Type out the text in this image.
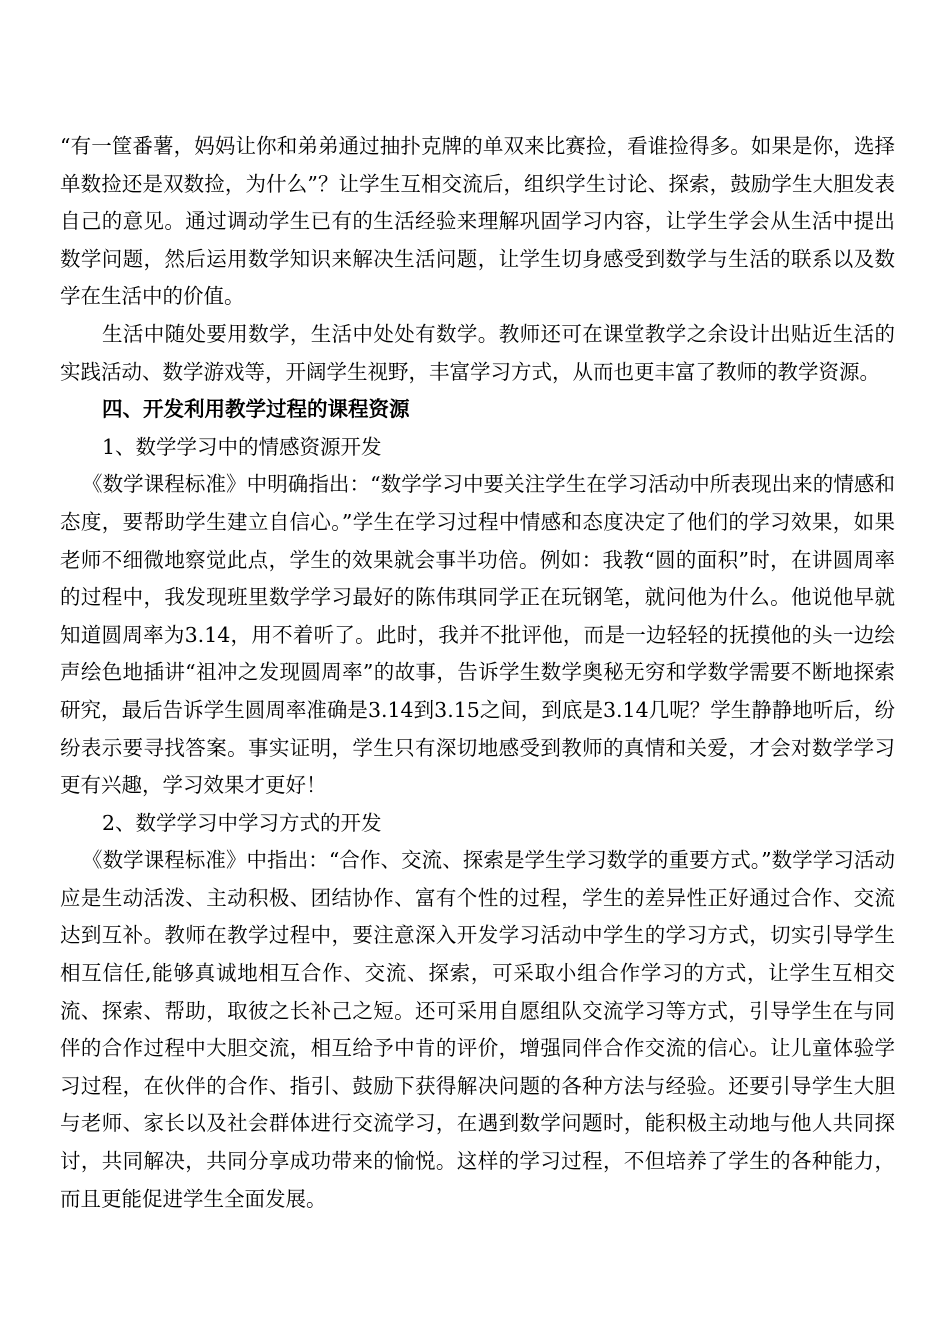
“有一筐番薯，妈妈让你和弟弟通过抽扑克牌的单双来比赛捡，看谁捡得多。如果是你，选择单数捡还是双数捡，为什么”？让学生互相交流后，组织学生讨论、探索，鼓励学生大胆发表自己的意见。通过调动学生已有的生活经验来理解巩固学习内容，让学生学会从生活中提出数学问题，然后运用数学知识来解决生活问题，让学生切身感受到数学与生活的联系以及数学在生活中的价值。

生活中随处要用数学，生活中处处有数学。教师还可在课堂教学之余设计出贴近生活的实践活动、数学游戏等，开阔学生视野，丰富学习方式，从而也更丰富了教师的教学资源。

四、开发利用教学过程的课程资源

1、数学学习中的情感资源开发

《数学课程标准》中明确指出：“数学学习中要关注学生在学习活动中所表现出来的情感和态度，要帮助学生建立自信心。”学生在学习过程中情感和态度决定了他们的学习效果，如果老师不细微地察觉此点，学生的效果就会事半功倍。例如：我教“圆的面积”时，在讲圆周率的过程中，我发现班里数学学习最好的陈伟琪同学正在玩钢笔，就问他为什么。他说他早就知道圆周率为3.14，用不着听了。此时，我并不批评他，而是一边轻轻的抚摸他的头一边绘声绘色地插讲“祖冲之发现圆周率”的故事，告诉学生数学奥秘无穷和学数学需要不断地探索研究，最后告诉学生圆周率准确是3.14到3.15之间，到底是3.14几呢？学生静静地听后，纷纷表示要寻找答案。事实证明，学生只有深切地感受到教师的真情和关爱，才会对数学学习更有兴趣，学习效果才更好！

2、数学学习中学习方式的开发

《数学课程标准》中指出：“合作、交流、探索是学生学习数学的重要方式。”数学学习活动应是生动活泼、主动积极、团结协作、富有个性的过程，学生的差异性正好通过合作、交流达到互补。教师在教学过程中，要注意深入开发学习活动中学生的学习方式，切实引导学生相互信任,能够真诚地相互合作、交流、探索，可采取小组合作学习的方式，让学生互相交流、探索、帮助，取彼之长补己之短。还可采用自愿组队交流学习等方式，引导学生在与同伴的合作过程中大胆交流，相互给予中肯的评价，增强同伴合作交流的信心。让儿童体验学习过程，在伙伴的合作、指引、鼓励下获得解决问题的各种方法与经验。还要引导学生大胆与老师、家长以及社会群体进行交流学习，在遇到数学问题时，能积极主动地与他人共同探讨，共同解决，共同分享成功带来的愉悦。这样的学习过程，不但培养了学生的各种能力，而且更能促进学生全面发展。
